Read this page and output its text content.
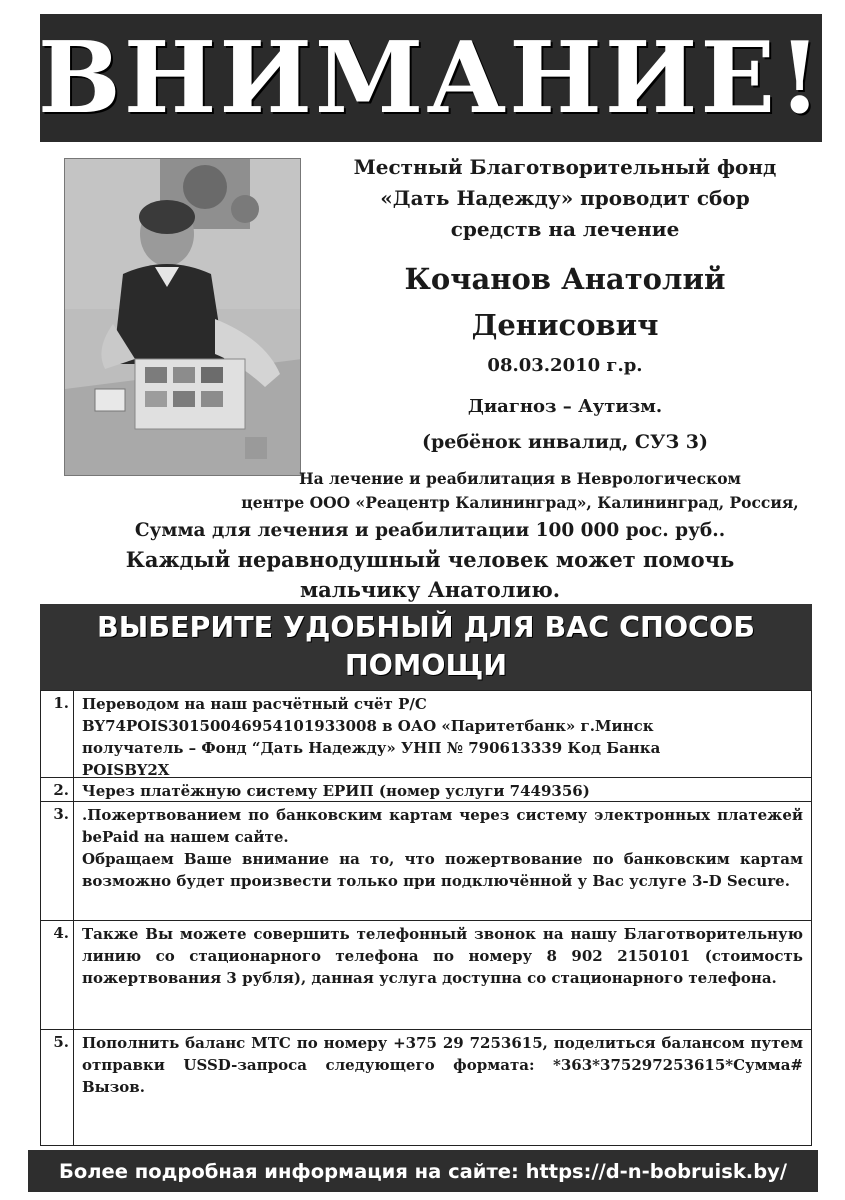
ВНИМАНИЕ!
Местный Благотворительный фонд
«Дать Надежду» проводит сбор
средств на лечение
Кочанов Анатолий
Денисович
08.03.2010 г.р.
Диагноз – Аутизм.
(ребёнок инвалид, СУЗ 3)
На лечение и реабилитация в Неврологическом
центре ООО «Реацентр Калининград», Калининград, Россия,
Сумма для лечения и реабилитации 100 000 рос. руб..
Каждый неравнодушный человек может помочь
мальчику Анатолию.
ВЫБЕРИТЕ УДОБНЫЙ ДЛЯ ВАС СПОСОБ
ПОМОЩИ
1. Переводом на наш расчётный счёт Р/С

BY74POIS30150046954101933008 в ОАО «Паритетбанк» г.Минск

получатель – Фонд “Дать Надежду» УНП № 790613339 Код Банка

POISBY2X

2. Через платёжную систему ЕРИП (номер услуги 7449356)

3. .Пожертвованием по банковским картам через систему электронных платежей bePaid на нашем сайте.

Обращаем Ваше внимание на то, что пожертвование по банковским картам возможно будет произвести только при подключённой у Вас услуге 3-D Secure.

4. Также Вы можете совершить телефонный звонок на нашу Благотворительную линию со стационарного телефона по номеру 8 902 2150101 (стоимость пожертвования 3 рубля), данная услуга доступна со стационарного телефона.

5. Пополнить баланс МТС по номеру +375 29 7253615, поделиться балансом путем отправки USSD-запроса следующего формата: *363*375297253615*Сумма# Вызов.

Более подробная информация на сайте: https://d-n-bobruisk.by/
